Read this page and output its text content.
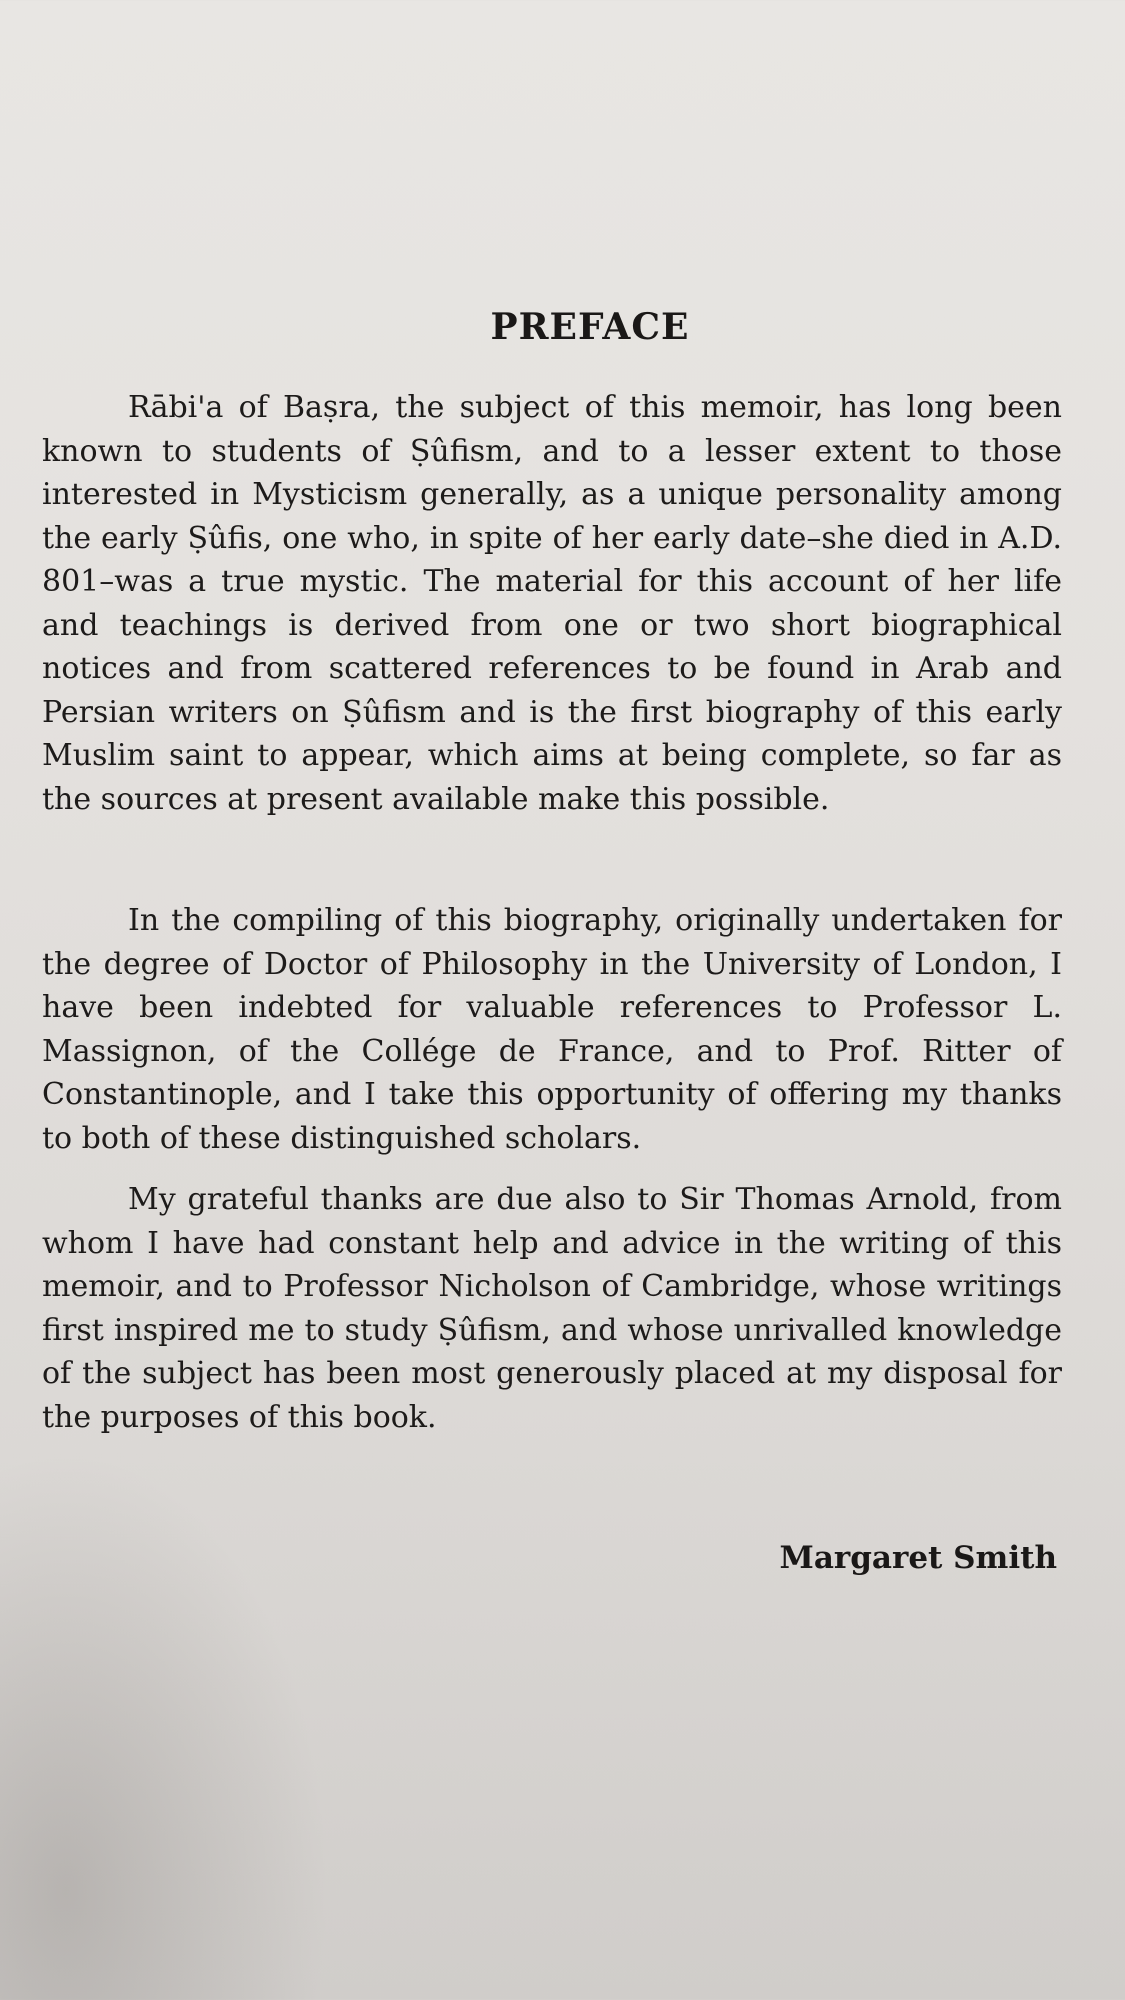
PREFACE

Rābi'a of Baṣra, the subject of this memoir, has long been known to students of Ṣûfism, and to a lesser extent to those interested in Mysticism generally, as a unique personality among the early Ṣûfis, one who, in spite of her early date–she died in A.D. 801–was a true mystic. The material for this account of her life and teachings is derived from one or two short biographical notices and from scattered references to be found in Arab and Persian writers on Ṣûfism and is the first biography of this early Muslim saint to appear, which aims at being complete, so far as the sources at present available make this possible.

In the compiling of this biography, originally undertaken for the degree of Doctor of Philosophy in the University of London, I have been indebted for valuable references to Professor L. Massignon, of the Collége de France, and to Prof. Ritter of Constantinople, and I take this opportunity of offering my thanks to both of these distinguished scholars.

My grateful thanks are due also to Sir Thomas Arnold, from whom I have had constant help and advice in the writing of this memoir, and to Professor Nicholson of Cambridge, whose writings first inspired me to study Ṣûfism, and whose unrivalled knowledge of the subject has been most generously placed at my disposal for the purposes of this book.

Margaret Smith
